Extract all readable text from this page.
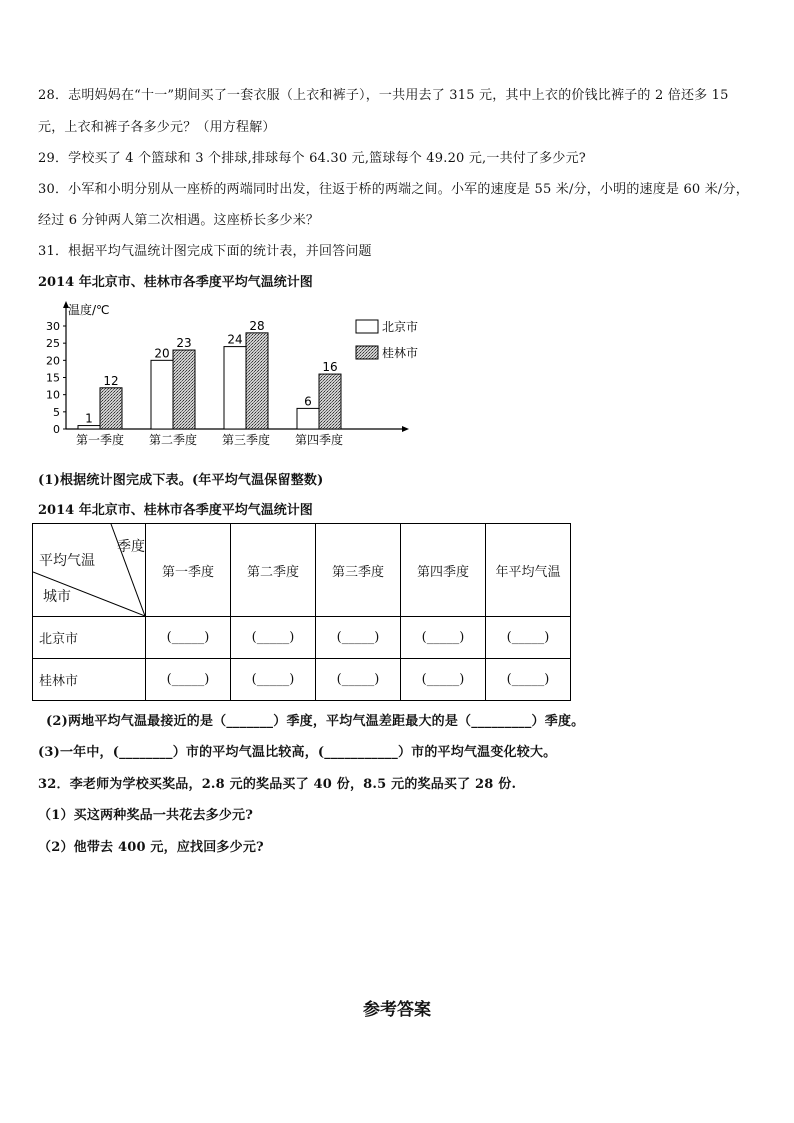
28．志明妈妈在“十一”期间买了一套衣服（上衣和裤子），一共用去了 315 元，其中上衣的价钱比裤子的 2 倍还多 15
元，上衣和裤子各多少元？（用方程解）
29．学校买了 4 个篮球和 3 个排球,排球每个 64.30 元,篮球每个 49.20 元,一共付了多少元?
30．小军和小明分别从一座桥的两端同时出发，往返于桥的两端之间。小军的速度是 55 米/分，小明的速度是 60 米/分，
经过 6 分钟两人第二次相遇。这座桥长多少米？
31．根据平均气温统计图完成下面的统计表，并回答问题
2014 年北京市、桂林市各季度平均气温统计图
温度/℃
0
5
10
15
20
25
30
1
12
第一季度
20
23
第二季度
24
28
第三季度
6
16
第四季度
北京市
桂林市
(1)根据统计图完成下表。(年平均气温保留整数)
2014 年北京市、桂林市各季度平均气温统计图
季度
平均气温
城市	第一季度	第二季度	第三季度	第四季度	年平均气温
北京市	(_____)	(_____)	(_____)	(_____)	(_____)
桂林市	(_____)	(_____)	(_____)	(_____)	(_____)
(2)两地平均气温最接近的是（_______）季度，平均气温差距最大的是（_________）季度。
(3)一年中，(________）市的平均气温比较高，(___________）市的平均气温变化较大。
32．李老师为学校买奖品，2.8 元的奖品买了 40 份，8.5 元的奖品买了 28 份.
（1）买这两种奖品一共花去多少元?
（2）他带去 400 元，应找回多少元?
参考答案
